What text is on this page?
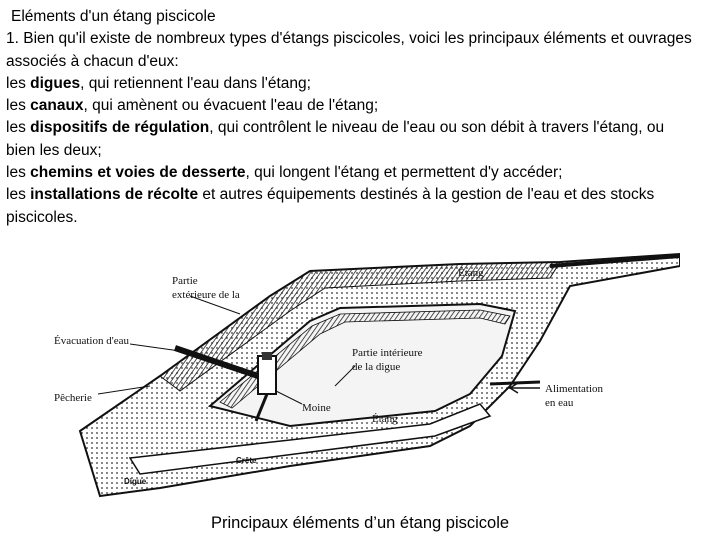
Eléments d'un étang piscicole
1. Bien qu'il existe de nombreux types d'étangs piscicoles, voici les principaux éléments et ouvrages
associés à chacun d'eux:
les digues, qui retiennent l'eau dans l'étang;
les canaux, qui amènent ou évacuent l'eau de l'étang;
les dispositifs de régulation, qui contrôlent le niveau de l'eau ou son débit à travers l'étang, ou
bien les deux;
les chemins et voies de desserte, qui longent l'étang et permettent d'y accéder;
les installations de récolte et autres équipements destinés à la gestion de l'eau et des stocks
piscicoles.
Partie
extérieure de la
Évacuation d'eau
Pêcherie
Étang
Partie intérieure
de la digue
Moine
Étang
Alimentation
en eau
Crête
Digue
Principaux éléments d’un étang piscicole
